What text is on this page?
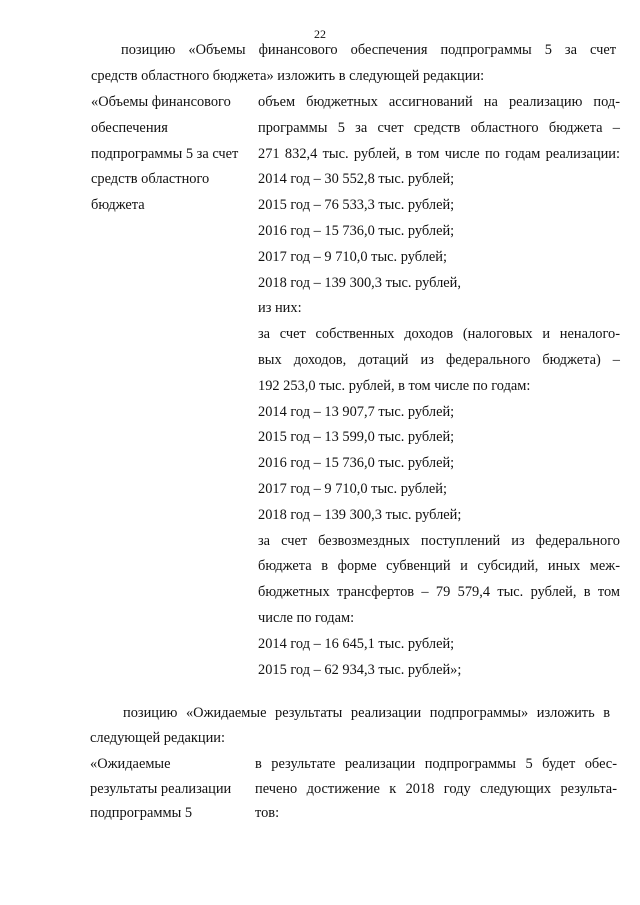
22
позицию «Объемы финансового обеспечения подпрограммы 5 за счет
средств областного бюджета» изложить в следующей редакции:
«Объемы финансового
обеспечения
подпрограммы 5 за счет
средств областного
бюджета
объем бюджетных ассигнований на реализацию под-
программы 5 за счет средств областного бюджета –
271 832,4 тыс. рублей, в том числе по годам реализации:
2014 год – 30 552,8 тыс. рублей;
2015 год – 76 533,3 тыс. рублей;
2016 год – 15 736,0 тыс. рублей;
2017 год – 9 710,0 тыс. рублей;
2018 год – 139 300,3 тыс. рублей,
из них:
за счет собственных доходов (налоговых и неналого-
вых доходов, дотаций из федерального бюджета) –
192 253,0 тыс. рублей, в том числе по годам:
2014 год – 13 907,7 тыс. рублей;
2015 год – 13 599,0 тыс. рублей;
2016 год – 15 736,0 тыс. рублей;
2017 год – 9 710,0 тыс. рублей;
2018 год – 139 300,3 тыс. рублей;
за счет безвозмездных поступлений из федерального
бюджета в форме субвенций и субсидий, иных меж-
бюджетных трансфертов – 79 579,4 тыс. рублей, в том
числе по годам:
2014 год – 16 645,1 тыс. рублей;
2015 год – 62 934,3 тыс. рублей»;
позицию «Ожидаемые результаты реализации подпрограммы» изложить в
следующей редакции:
«Ожидаемые
результаты реализации
подпрограммы 5
в результате реализации подпрограммы 5 будет обес-
печено достижение к 2018 году следующих результа-
тов:
